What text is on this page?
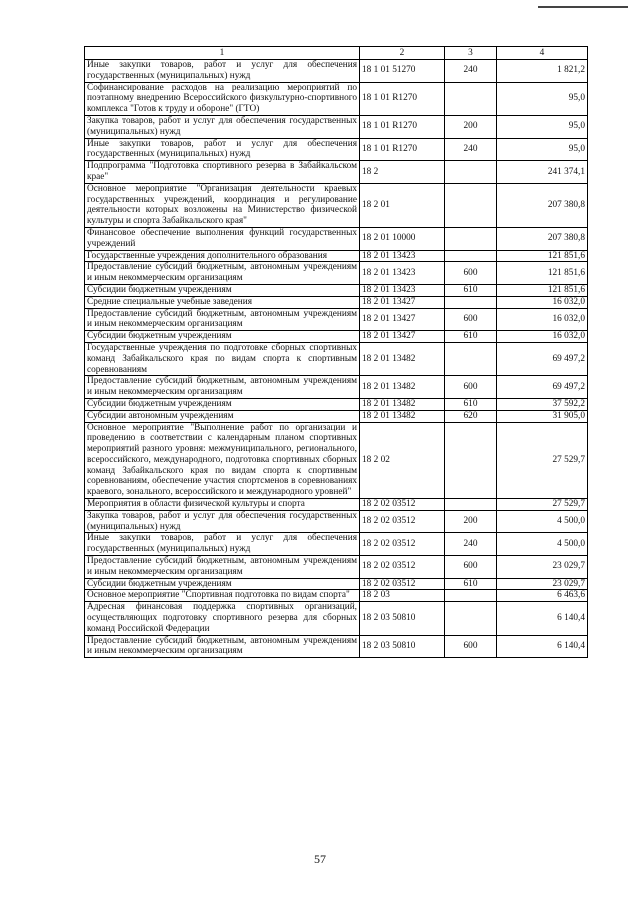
1	2	3	4
Иные закупки товаров, работ и услуг для обеспечения государственных (муниципальных) нужд	18 1 01 51270	240	1 821,2
Софинансирование расходов на реализацию мероприятий по поэтапному внедрению Всероссийского физкультурно-спортивного комплекса "Готов к труду и обороне" (ГТО)	18 1 01 R1270		95,0
Закупка товаров, работ и услуг для обеспечения государственных (муниципальных) нужд	18 1 01 R1270	200	95,0
Иные закупки товаров, работ и услуг для обеспечения государственных (муниципальных) нужд	18 1 01 R1270	240	95,0
Подпрограмма "Подготовка спортивного резерва в Забайкальском крае"	18 2		241 374,1
Основное мероприятие "Организация деятельности краевых государственных учреждений, координация и регулирование деятельности которых возложены на Министерство физической культуры и спорта Забайкальского края"	18 2 01		207 380,8
Финансовое обеспечение выполнения функций государственных учреждений	18 2 01 10000		207 380,8
Государственные учреждения дополнительного образования	18 2 01 13423		121 851,6
Предоставление субсидий бюджетным, автономным учреждениям и иным некоммерческим организациям	18 2 01 13423	600	121 851,6
Субсидии бюджетным учреждениям	18 2 01 13423	610	121 851,6
Средние специальные учебные заведения	18 2 01 13427		16 032,0
Предоставление субсидий бюджетным, автономным учреждениям и иным некоммерческим организациям	18 2 01 13427	600	16 032,0
Субсидии бюджетным учреждениям	18 2 01 13427	610	16 032,0
Государственные учреждения по подготовке сборных спортивных команд Забайкальского края по видам спорта к спортивным соревнованиям	18 2 01 13482		69 497,2
Предоставление субсидий бюджетным, автономным учреждениям и иным некоммерческим организациям	18 2 01 13482	600	69 497,2
Субсидии бюджетным учреждениям	18 2 01 13482	610	37 592,2
Субсидии автономным учреждениям	18 2 01 13482	620	31 905,0
Основное мероприятие "Выполнение работ по организации и проведению в соответствии с календарным планом спортивных мероприятий разного уровня: межмуниципального, регионального, всероссийского, международного, подготовка спортивных сборных команд Забайкальского края по видам спорта к спортивным соревнованиям, обеспечение участия спортсменов в соревнованиях краевого, зонального, всероссийского и международного уровней"	18 2 02		27 529,7
Мероприятия в области физической культуры и спорта	18 2 02 03512		27 529,7
Закупка товаров, работ и услуг для обеспечения государственных (муниципальных) нужд	18 2 02 03512	200	4 500,0
Иные закупки товаров, работ и услуг для обеспечения государственных (муниципальных) нужд	18 2 02 03512	240	4 500,0
Предоставление субсидий бюджетным, автономным учреждениям и иным некоммерческим организациям	18 2 02 03512	600	23 029,7
Субсидии бюджетным учреждениям	18 2 02 03512	610	23 029,7
Основное мероприятие "Спортивная подготовка по видам спорта"	18 2 03		6 463,6
Адресная финансовая поддержка спортивных организаций, осуществляющих подготовку спортивного резерва для сборных команд Российской Федерации	18 2 03 50810		6 140,4
Предоставление субсидий бюджетным, автономным учреждениям и иным некоммерческим организациям	18 2 03 50810	600	6 140,4
57
